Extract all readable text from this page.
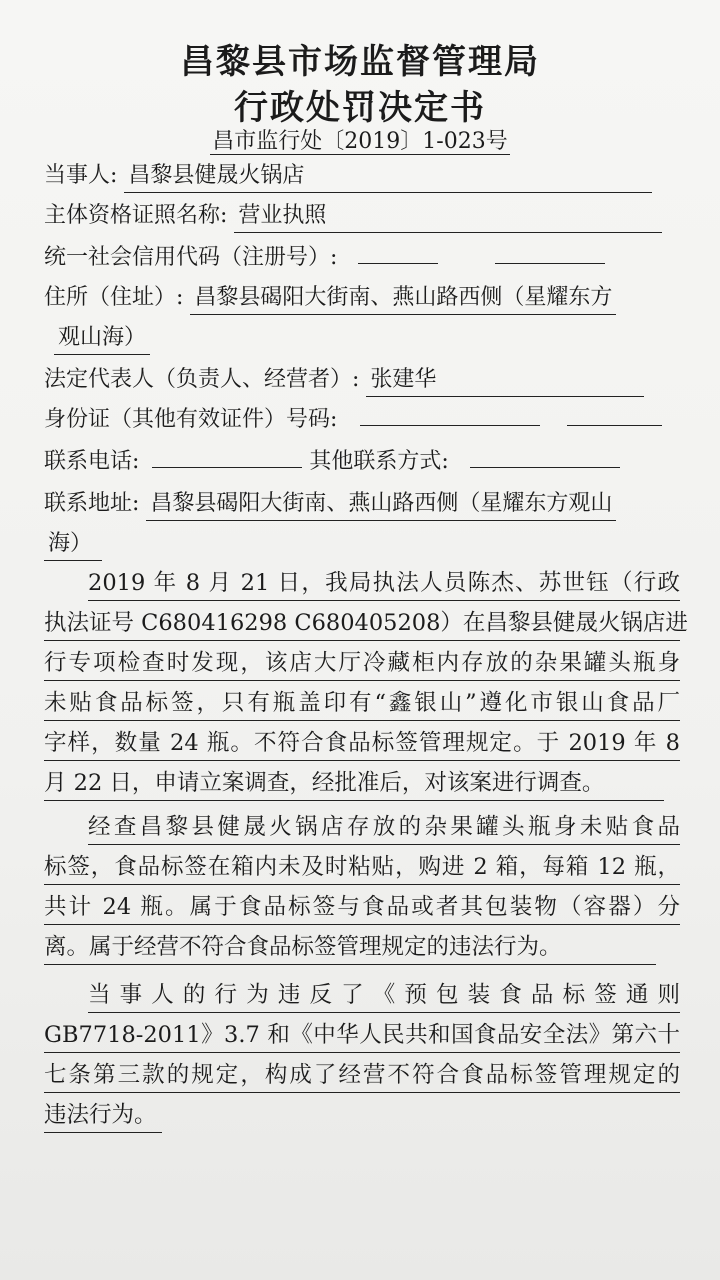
昌黎县市场监督管理局
行政处罚决定书
昌市监行处〔2019〕1-023号
当事人: 昌黎县健晟火锅店
主体资格证照名称: 营业执照
统一社会信用代码（注册号）:
住所（住址）: 昌黎县碣阳大街南、燕山路西侧（星耀东方
观山海）
法定代表人（负责人、经营者）: 张建华
身份证（其他有效证件）号码:
联系电话:	其他联系方式:
联系地址: 昌黎县碣阳大街南、燕山路西侧（星耀东方观山
海）
2019 年 8 月 21 日，我局执法人员陈杰、苏世钰（行政
执法证号 C680416298 C680405208）在昌黎县健晟火锅店进
行专项检查时发现，该店大厅冷藏柜内存放的杂果罐头瓶身
未贴食品标签，只有瓶盖印有“鑫银山”遵化市银山食品厂
字样，数量 24 瓶。不符合食品标签管理规定。于 2019 年 8
月 22 日，申请立案调查，经批准后，对该案进行调查。
经查昌黎县健晟火锅店存放的杂果罐头瓶身未贴食品
标签，食品标签在箱内未及时粘贴，购进 2 箱，每箱 12 瓶，
共计 24 瓶。属于食品标签与食品或者其包装物（容器）分
离。属于经营不符合食品标签管理规定的违法行为。
当事人的行为违反了《预包装食品标签通则
GB7718-2011》3.7 和《中华人民共和国食品安全法》第六十
七条第三款的规定，构成了经营不符合食品标签管理规定的
违法行为。
